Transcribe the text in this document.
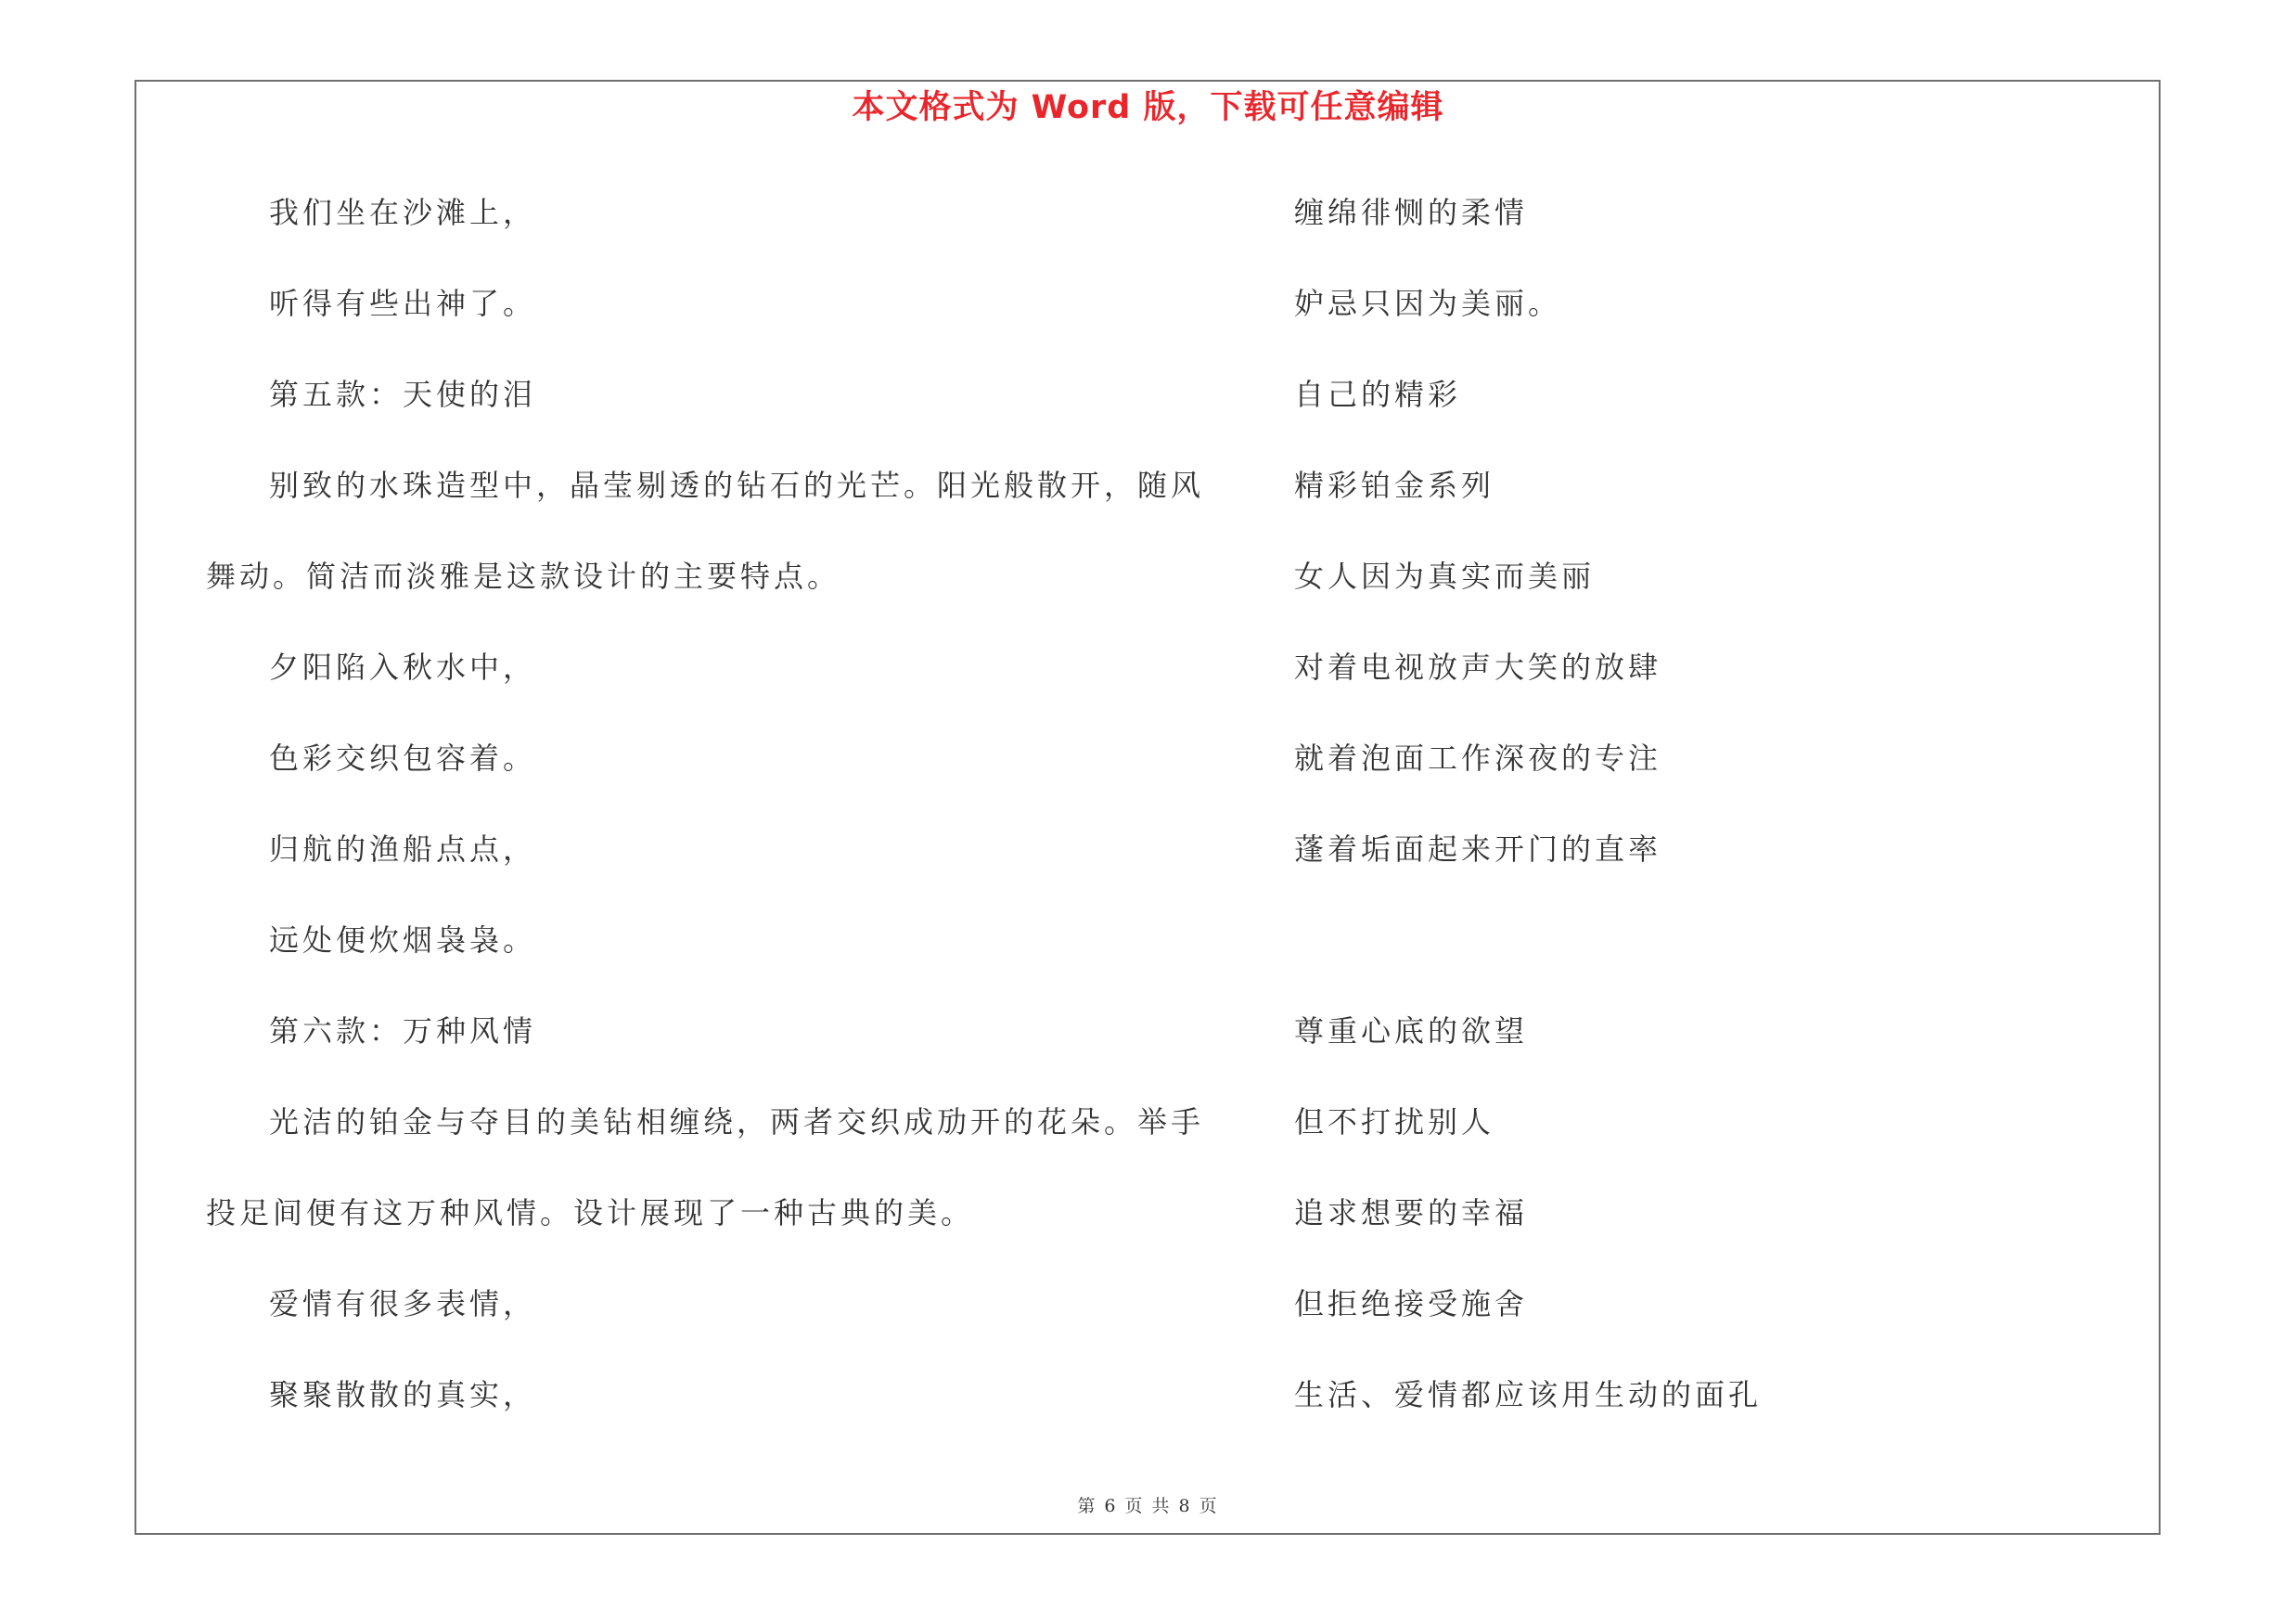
本文格式为 Word 版，下载可任意编辑
我们坐在沙滩上，
听得有些出神了。
第五款：天使的泪
别致的水珠造型中，晶莹剔透的钻石的光芒。阳光般散开，随风
舞动。简洁而淡雅是这款设计的主要特点。
夕阳陷入秋水中，
色彩交织包容着。
归航的渔船点点，
远处便炊烟袅袅。
第六款：万种风情
光洁的铂金与夺目的美钻相缠绕，两者交织成劢开的花朵。举手
投足间便有这万种风情。设计展现了一种古典的美。
爱情有很多表情，
聚聚散散的真实，
缠绵徘恻的柔情
妒忌只因为美丽。
自己的精彩
精彩铂金系列
女人因为真实而美丽
对着电视放声大笑的放肆
就着泡面工作深夜的专注
蓬着垢面起来开门的直率
尊重心底的欲望
但不打扰别人
追求想要的幸福
但拒绝接受施舍
生活、爱情都应该用生动的面孔
第 6 页 共 8 页
